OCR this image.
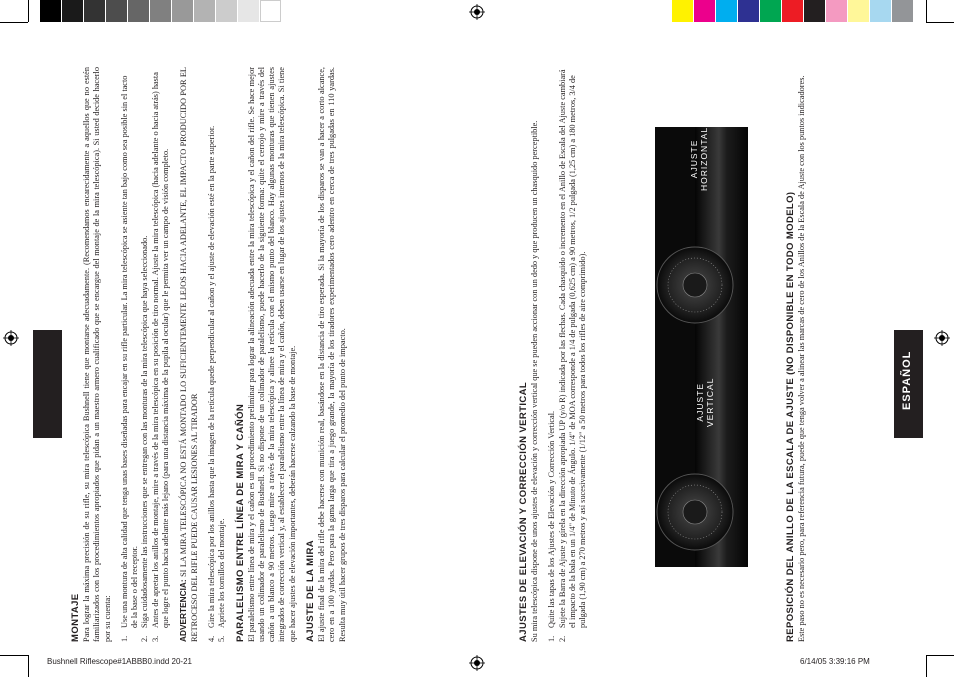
ESPAÑOL
MONTAJE Para lograr la máxima precisión de su rifle, su mira telescópica Bushnell tiene que montarse adecuadamente. (Recomendamos encarecidamente a aquellos que no estén familiarizados con los procedimientos apropiados que pidan a un maestro armero cualificado que se encargue del montaje de la mira telescópica). Si usted decide hacerlo por su cuenta: 1.
Use una montura de alta calidad que tenga unas bases diseñadas para encajar en su rifle particular. La mira telescópica se asiente tan bajo como sea posible sin el tacto de la base o del receptor.
2.
Siga cuidadosamente las instrucciones que se entregan con las monturas de la mira telescópica que haya seleccionado.
3.
Antes de apretar los anillos de montaje, mire a través de la mira telescópica en su posición de tiro normal. Ajuste la mira telescópica (hacia adelante o hacia atrás) hasta que logre el punto hacia adelante más lejano (para una distancia máxima de la pupila al ocular) que le permita ver un campo de visión completo. ADVERTENCIA: SI LA MIRA TELESCÓPICA NO ESTÁ MONTADO LO SUFICIENTEMENTE LEJOS HACIA ADELANTE, EL IMPACTO PRODUCIDO POR EL RETROCESO DEL RIFLE PUEDE CAUSAR LESIONES AL TIRADOR 4.
Gire la mira telescópica por los anillos hasta que la imagen de la retícula quede perpendicular al cañon y el ajuste de elevación esté en la parte superior.
5.
Apriete los tornillos del montaje. PARALELISMO ENTRE LÍNEA DE MIRA Y CAÑÓN El paralelismo entre línea de mira y el cañon es un procedimiento preliminar para lograr la alineación adecuada entre la mira telescópica y el cañon del rifle. Se hace mejor usando un colimador de paralelismo de Bushnell. Si no dispone de un colimador de paralelismo, puede hacerlo de la siguiente forma: quite el cerrojo y mire a través del cañón a un blanco a 90 metros. Luego mire a través de la mira telescópica y alinee la retícula con el mismo punto del blanco. Hay algunas monturas que tienen ajustes integrados de corrección vertical y, al establecer el paralelismo entre la línea de mira y el cañón, deben usarse en lugar de los ajustes internos de la mira telescópica. Si tiene que hacer ajustes de elevación importantes, deberán hacerse calzando la base de montaje. AJUSTE DE LA MIRA El ajuste final de la mira del rifle debe hacerse con munición real, basándose en la distancia de tiro esperada. Si la mayoría de los disparos se van a hacer a corto alcance, cero en a 100 yardas. Pero para la gama larga que tira a juego grande, la mayoría de los tiradores experimentados cero adentro en cerca de tres pulgadas en 110 yardas. Resulta muy útil hacer grupos de tres disparos para calcular el promedio del punto de impacto.
AJUSTE HORIZONTAL
AJUSTE VERTICAL
AJUSTES DE ELEVACIÓN Y CORRECCIÓN VERTICAL Su mira telescópica dispone de unos ajustes de elevación y corrección vertical que se pueden accionar con un dedo y que producen un chasquido perceptible. 1.
Quite las tapas de los Ajustes de Elevación y Corrección Vertical.
2.
Sujete la Barra de Ajuste y gírela en la dirección apropiada UP (y/o R) indicada por las flechas. Cada chasquido o incremento en el Anillo de Escala del Ajuste cambiará el impacto de la bala en un 1/4" de Minuto de Ángulo. 1/4" de MOA corresponde a 1/4 de pulgada (0,625 cm) a 90 metros, 1/2 pulgada (1,25 cm) a 180 metros, 3/4 de pulgada (1,90 cm) a 270 metros y así sucesivamente (1/12" a 50 metros para todos los rifles de aire comprimido).	REPOSICIÓN DEL ANILLO DE LA ESCALA DE AJUSTE (NO DISPONIBLE EN TODO MODELO) Este paso no es necesario pero, para referencia futura, puede que tenga volver a alinear las marcas de cero de los Anillos de la Escala de Ajuste con los puntos indicadores.
Bushnell Riflescope#1ABBB0.indd 20-21	6/14/05 3:39:16 PM
